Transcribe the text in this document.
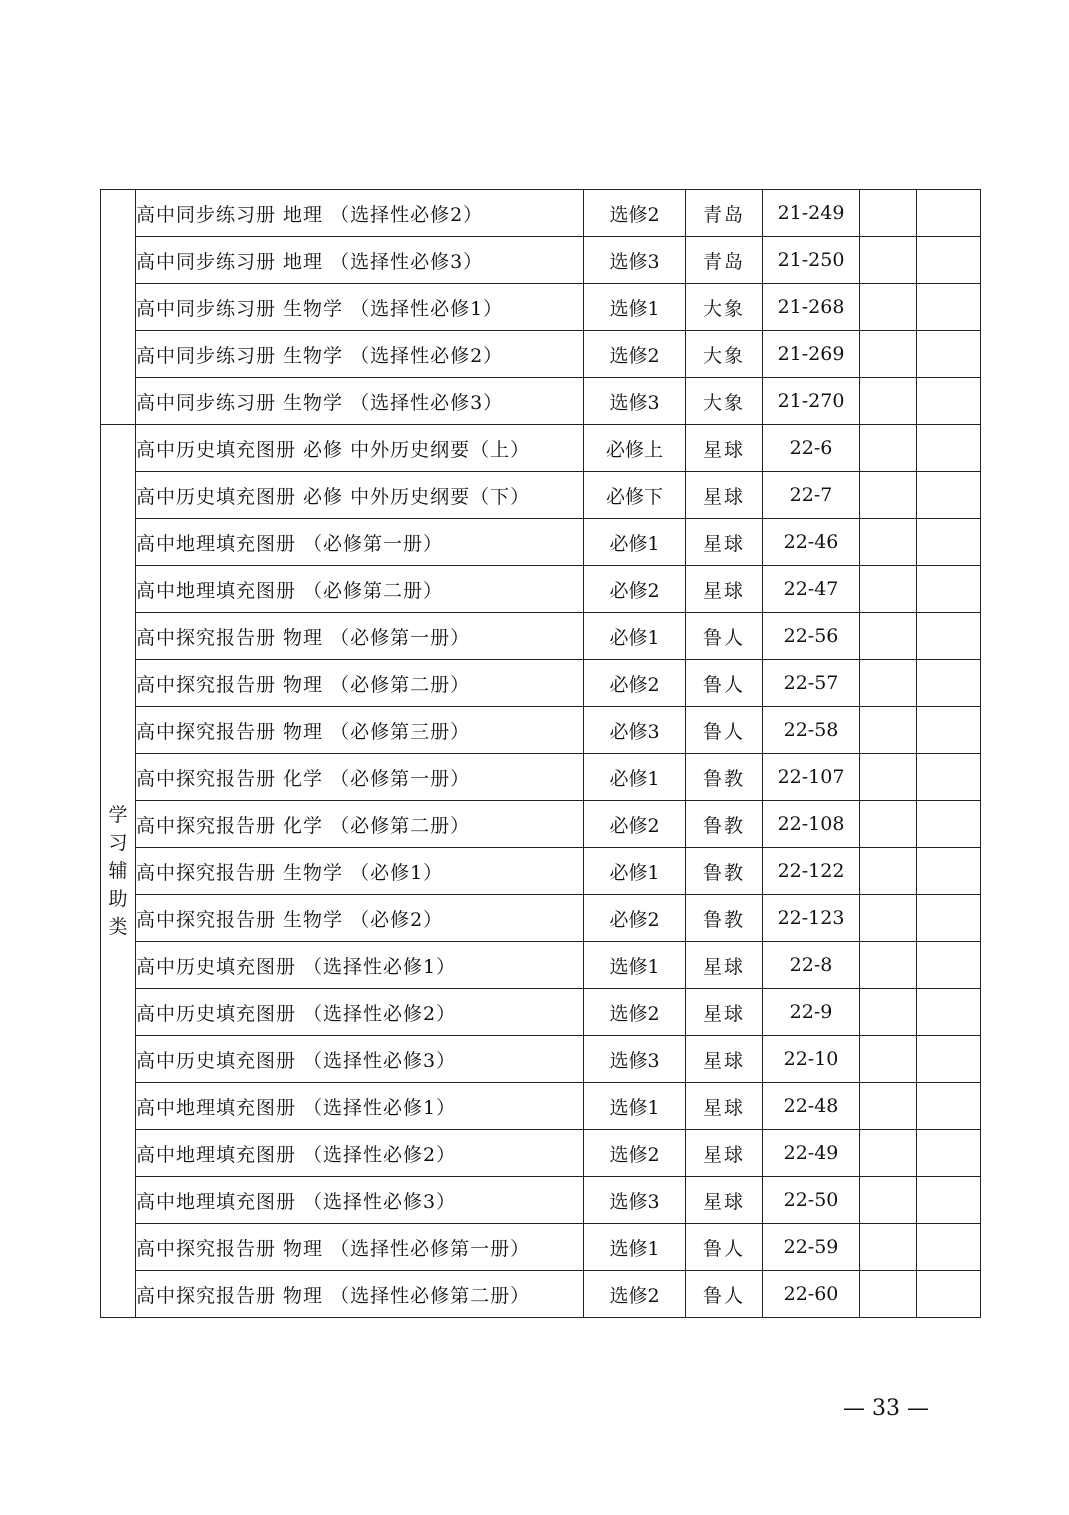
	高中同步练习册 地理 （选择性必修2）	选修2	青岛	21-249		
	高中同步练习册 地理 （选择性必修3）	选修3	青岛	21-250		
	高中同步练习册 生物学 （选择性必修1）	选修1	大象	21-268		
	高中同步练习册 生物学 （选择性必修2）	选修2	大象	21-269		
	高中同步练习册 生物学 （选择性必修3）	选修3	大象	21-270		
学习辅助类	高中历史填充图册 必修 中外历史纲要（上）	必修上	星球	22-6		
	高中历史填充图册 必修 中外历史纲要（下）	必修下	星球	22-7		
	高中地理填充图册 （必修第一册）	必修1	星球	22-46		
	高中地理填充图册 （必修第二册）	必修2	星球	22-47		
	高中探究报告册 物理 （必修第一册）	必修1	鲁人	22-56		
	高中探究报告册 物理 （必修第二册）	必修2	鲁人	22-57		
	高中探究报告册 物理 （必修第三册）	必修3	鲁人	22-58		
	高中探究报告册 化学 （必修第一册）	必修1	鲁教	22-107		
	高中探究报告册 化学 （必修第二册）	必修2	鲁教	22-108		
	高中探究报告册 生物学 （必修1）	必修1	鲁教	22-122		
	高中探究报告册 生物学 （必修2）	必修2	鲁教	22-123		
	高中历史填充图册 （选择性必修1）	选修1	星球	22-8		
	高中历史填充图册 （选择性必修2）	选修2	星球	22-9		
	高中历史填充图册 （选择性必修3）	选修3	星球	22-10		
	高中地理填充图册 （选择性必修1）	选修1	星球	22-48		
	高中地理填充图册 （选择性必修2）	选修2	星球	22-49		
	高中地理填充图册 （选择性必修3）	选修3	星球	22-50		
	高中探究报告册 物理 （选择性必修第一册）	选修1	鲁人	22-59		
	高中探究报告册 物理 （选择性必修第二册）	选修2	鲁人	22-60		
— 33 —
